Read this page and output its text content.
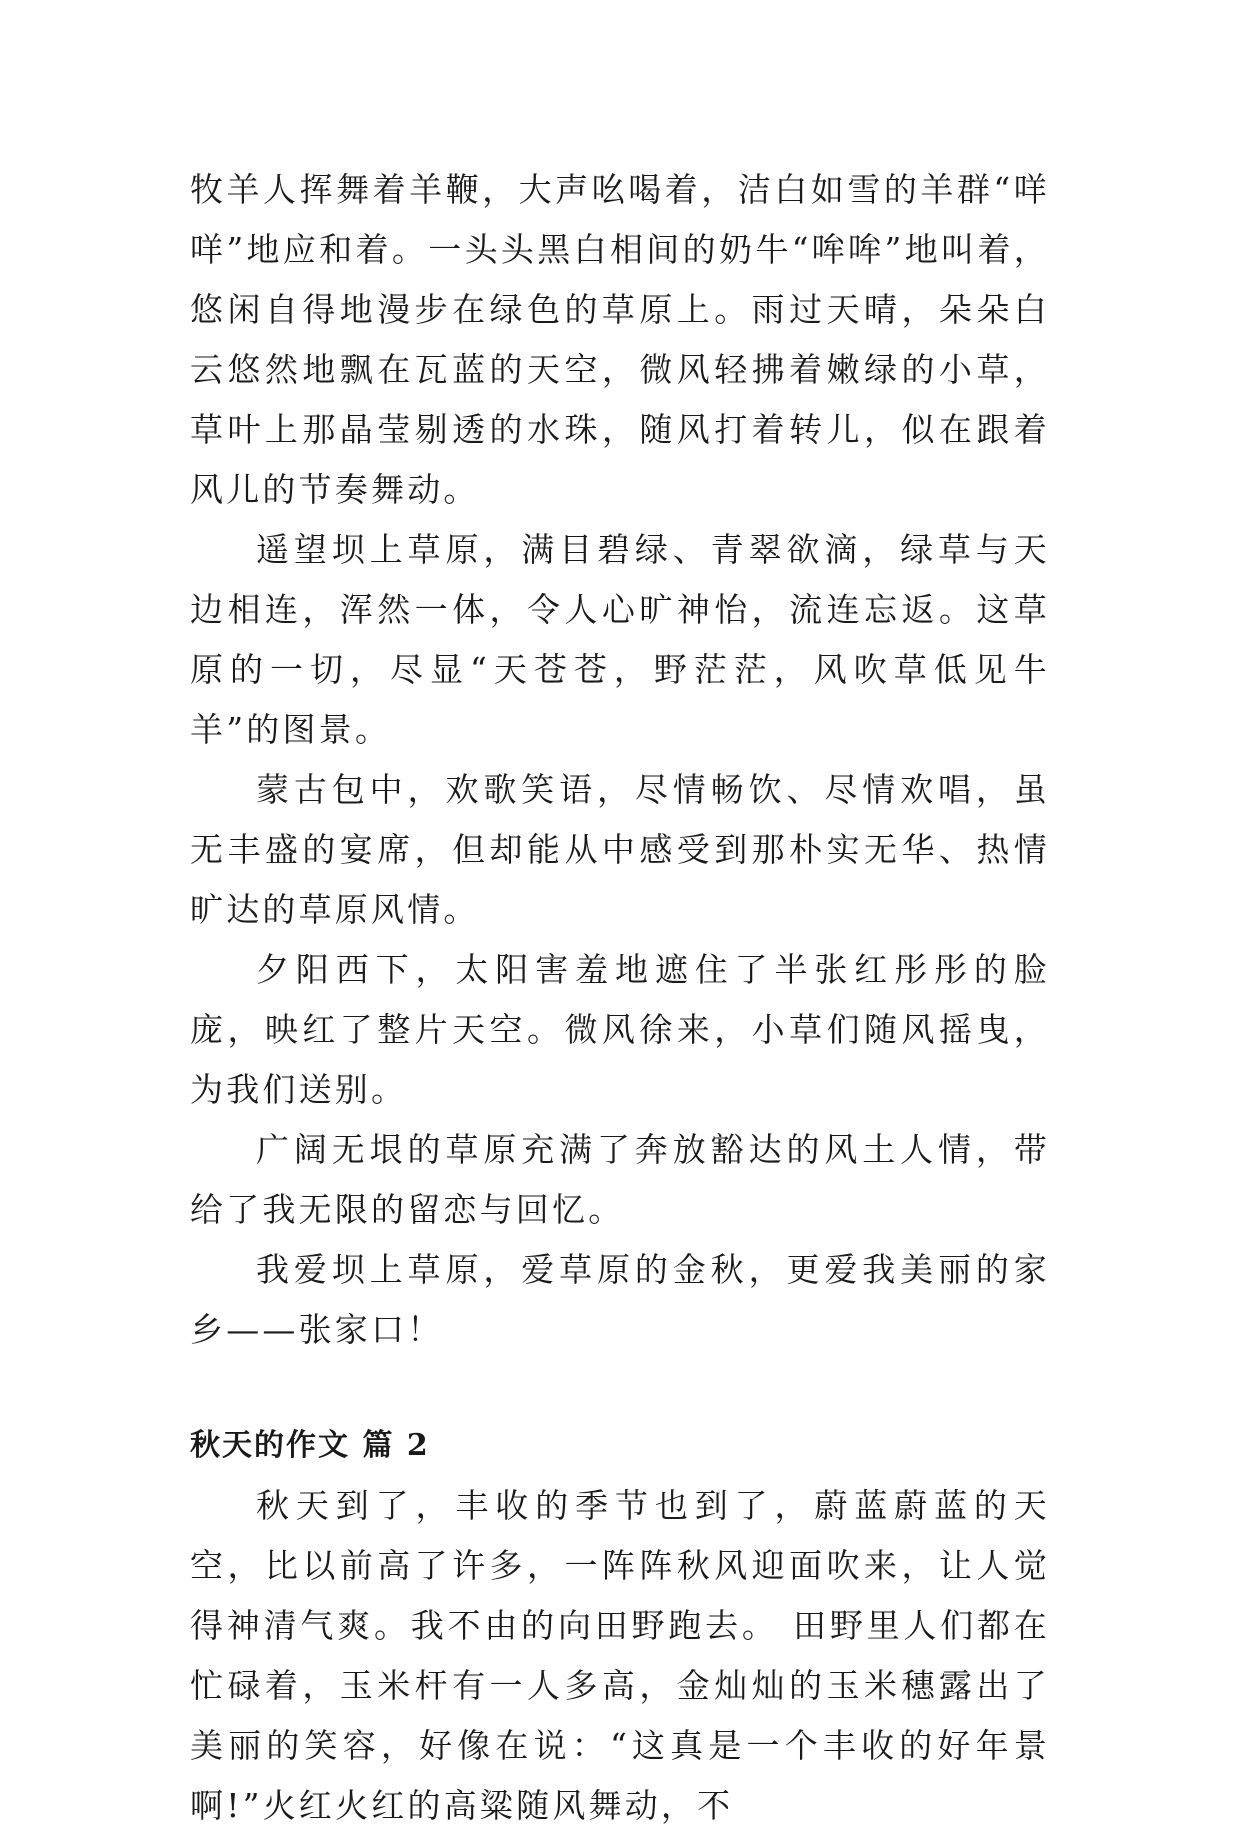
牧羊人挥舞着羊鞭，大声吆喝着，洁白如雪的羊群“咩咩”地应和着。一头头黑白相间的奶牛“哞哞”地叫着，悠闲自得地漫步在绿色的草原上。雨过天晴，朵朵白云悠然地飘在瓦蓝的天空，微风轻拂着嫩绿的小草，草叶上那晶莹剔透的水珠，随风打着转儿，似在跟着风儿的节奏舞动。

遥望坝上草原，满目碧绿、青翠欲滴，绿草与天边相连，浑然一体，令人心旷神怡，流连忘返。这草原的一切，尽显“天苍苍，野茫茫，风吹草低见牛羊”的图景。

蒙古包中，欢歌笑语，尽情畅饮、尽情欢唱，虽无丰盛的宴席，但却能从中感受到那朴实无华、热情旷达的草原风情。

夕阳西下，太阳害羞地遮住了半张红彤彤的脸庞，映红了整片天空。微风徐来，小草们随风摇曳，为我们送别。

广阔无垠的草原充满了奔放豁达的风土人情，带给了我无限的留恋与回忆。

我爱坝上草原，爱草原的金秋，更爱我美丽的家乡——张家口！

秋天的作文 篇 2

秋天到了，丰收的季节也到了，蔚蓝蔚蓝的天空，比以前高了许多，一阵阵秋风迎面吹来，让人觉得神清气爽。我不由的向田野跑去。 田野里人们都在忙碌着，玉米杆有一人多高，金灿灿的玉米穗露出了美丽的笑容，好像在说：“这真是一个丰收的好年景啊!”火红火红的高粱随风舞动，不
